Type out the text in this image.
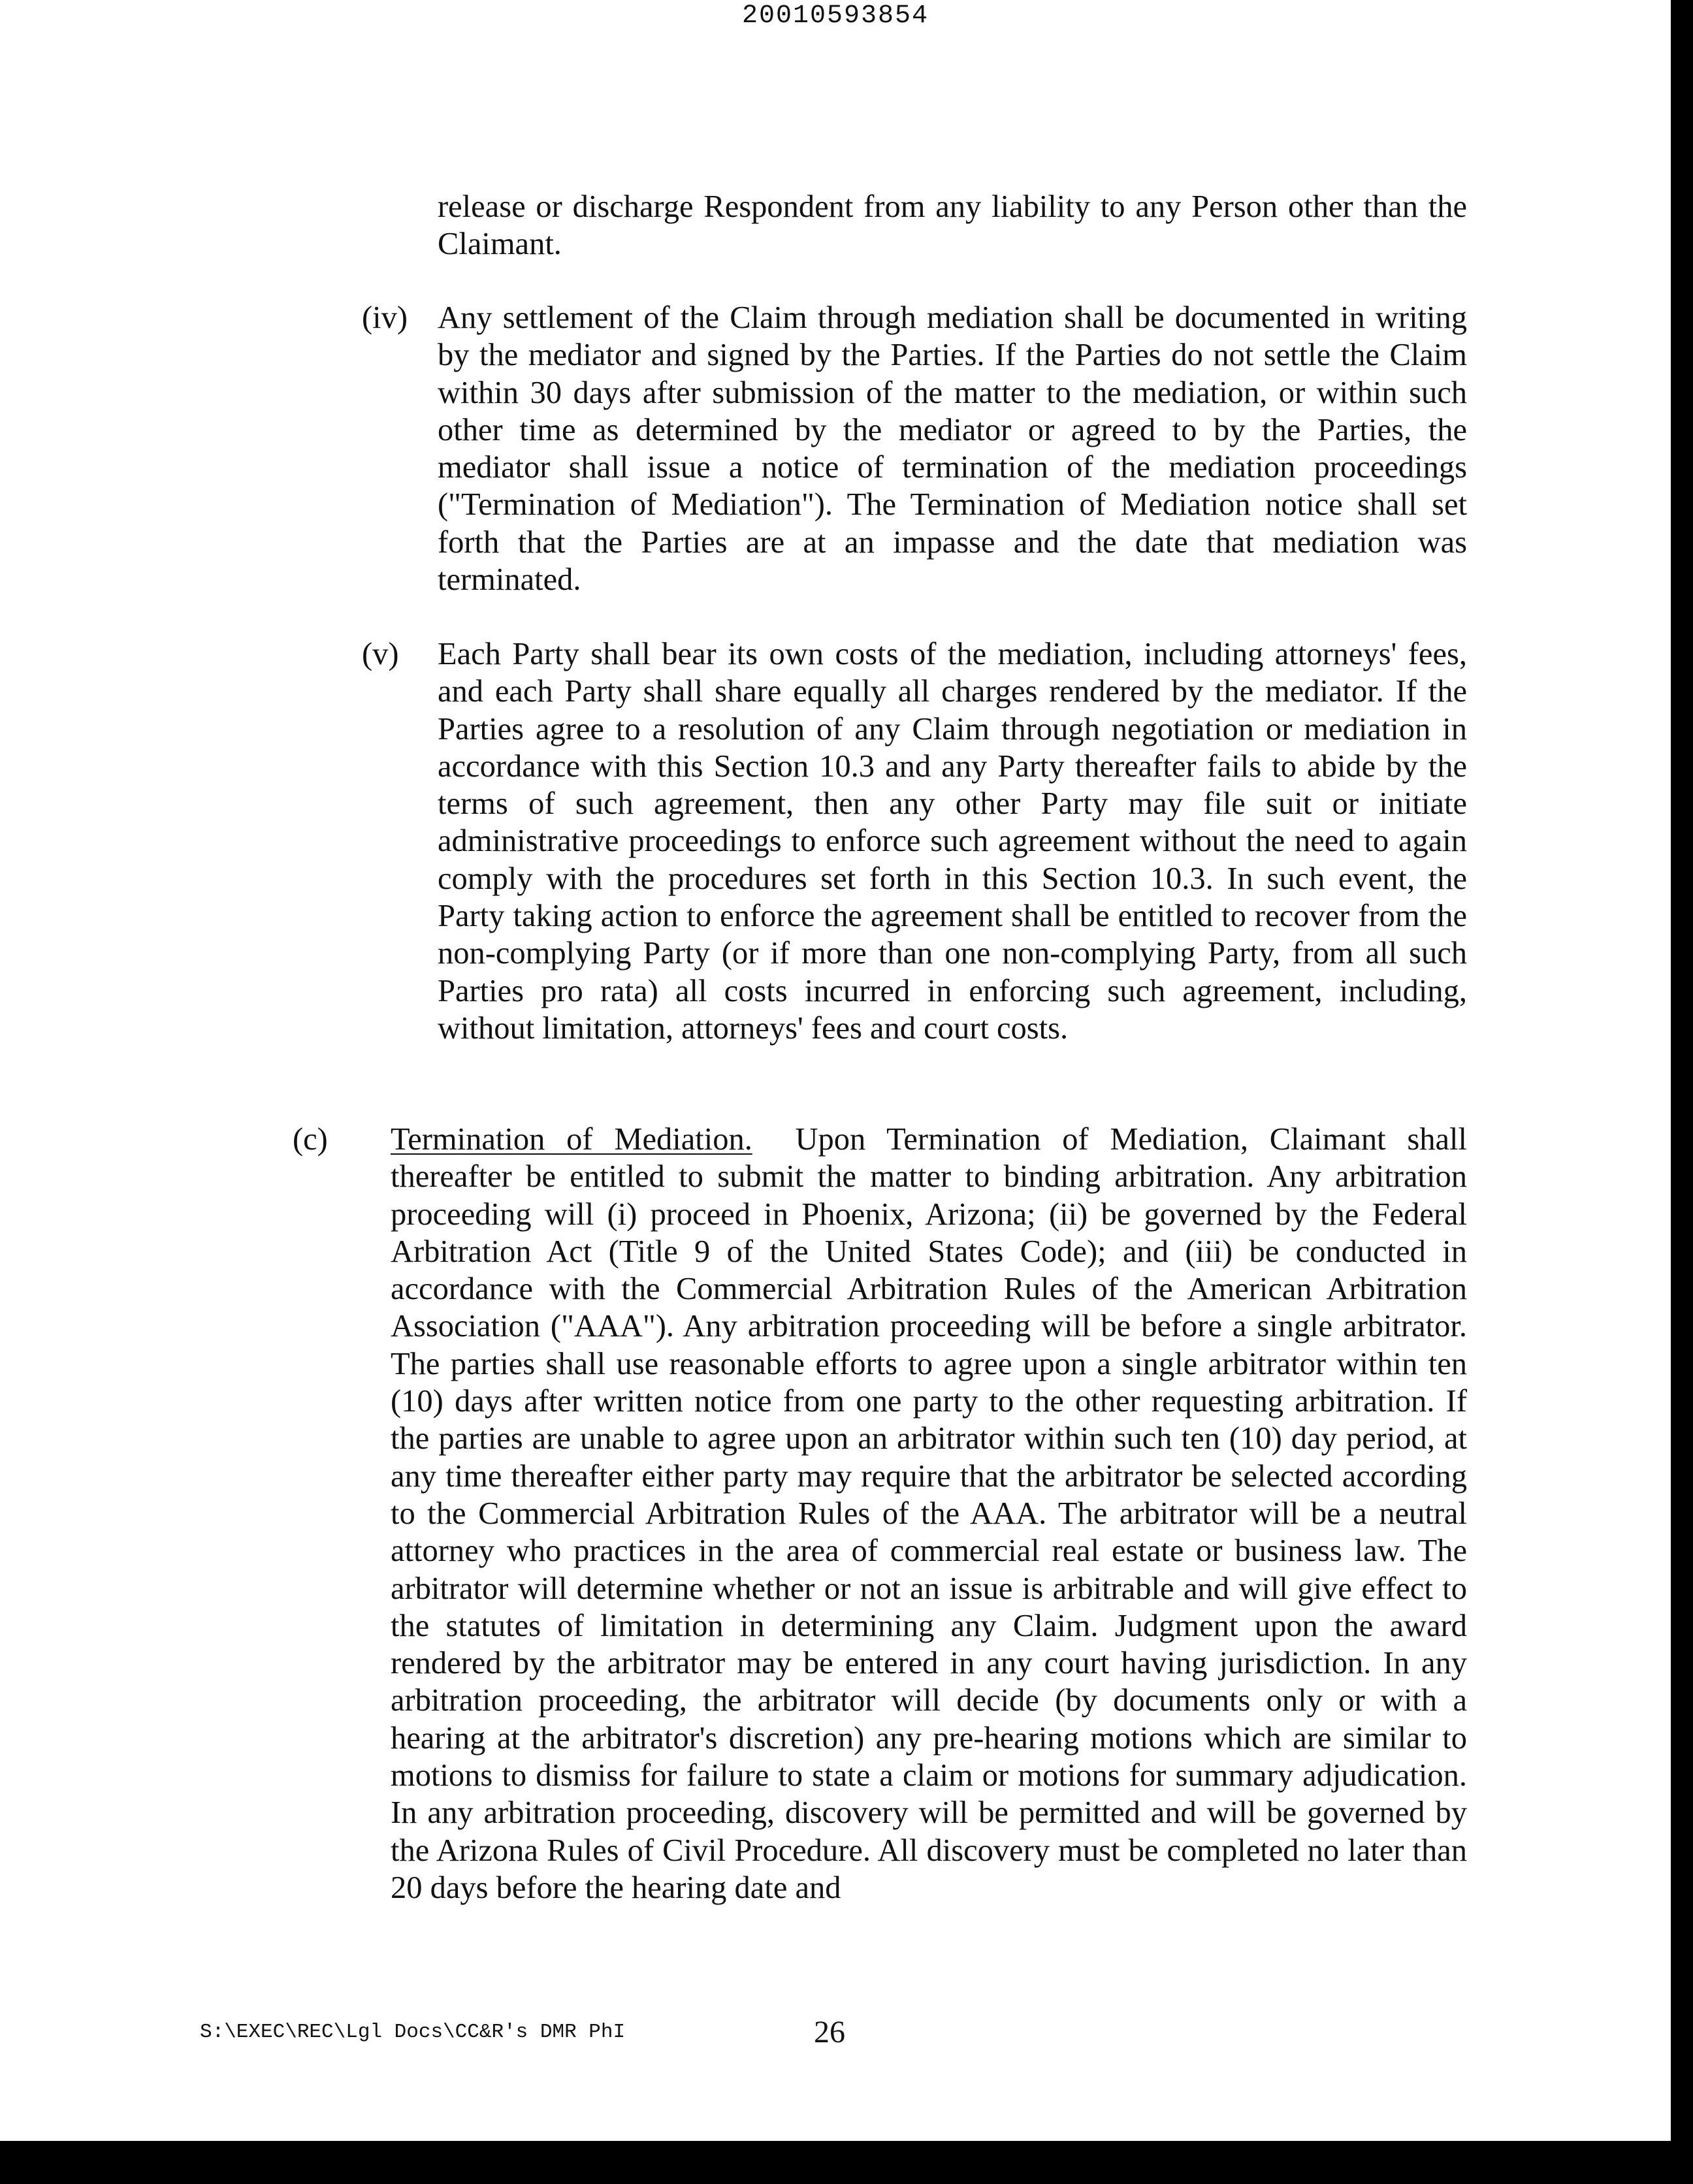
20010593854
release or discharge Respondent from any liability to any Person other than the Claimant.
(iv) Any settlement of the Claim through mediation shall be documented in writing by the mediator and signed by the Parties. If the Parties do not settle the Claim within 30 days after submission of the matter to the mediation, or within such other time as determined by the mediator or agreed to by the Parties, the mediator shall issue a notice of termination of the mediation proceedings ("Termination of Mediation"). The Termination of Mediation notice shall set forth that the Parties are at an impasse and the date that mediation was terminated.
(v) Each Party shall bear its own costs of the mediation, including attorneys' fees, and each Party shall share equally all charges rendered by the mediator. If the Parties agree to a resolution of any Claim through negotiation or mediation in accordance with this Section 10.3 and any Party thereafter fails to abide by the terms of such agreement, then any other Party may file suit or initiate administrative proceedings to enforce such agreement without the need to again comply with the procedures set forth in this Section 10.3. In such event, the Party taking action to enforce the agreement shall be entitled to recover from the non-complying Party (or if more than one non-complying Party, from all such Parties pro rata) all costs incurred in enforcing such agreement, including, without limitation, attorneys' fees and court costs.
(c) Termination of Mediation. Upon Termination of Mediation, Claimant shall thereafter be entitled to submit the matter to binding arbitration. Any arbitration proceeding will (i) proceed in Phoenix, Arizona; (ii) be governed by the Federal Arbitration Act (Title 9 of the United States Code); and (iii) be conducted in accordance with the Commercial Arbitration Rules of the American Arbitration Association ("AAA"). Any arbitration proceeding will be before a single arbitrator. The parties shall use reasonable efforts to agree upon a single arbitrator within ten (10) days after written notice from one party to the other requesting arbitration. If the parties are unable to agree upon an arbitrator within such ten (10) day period, at any time thereafter either party may require that the arbitrator be selected according to the Commercial Arbitration Rules of the AAA. The arbitrator will be a neutral attorney who practices in the area of commercial real estate or business law. The arbitrator will determine whether or not an issue is arbitrable and will give effect to the statutes of limitation in determining any Claim. Judgment upon the award rendered by the arbitrator may be entered in any court having jurisdiction. In any arbitration proceeding, the arbitrator will decide (by documents only or with a hearing at the arbitrator's discretion) any pre-hearing motions which are similar to motions to dismiss for failure to state a claim or motions for summary adjudication. In any arbitration proceeding, discovery will be permitted and will be governed by the Arizona Rules of Civil Procedure. All discovery must be completed no later than 20 days before the hearing date and
S:\EXEC\REC\Lgl Docs\CC&R's DMR PhI	26
